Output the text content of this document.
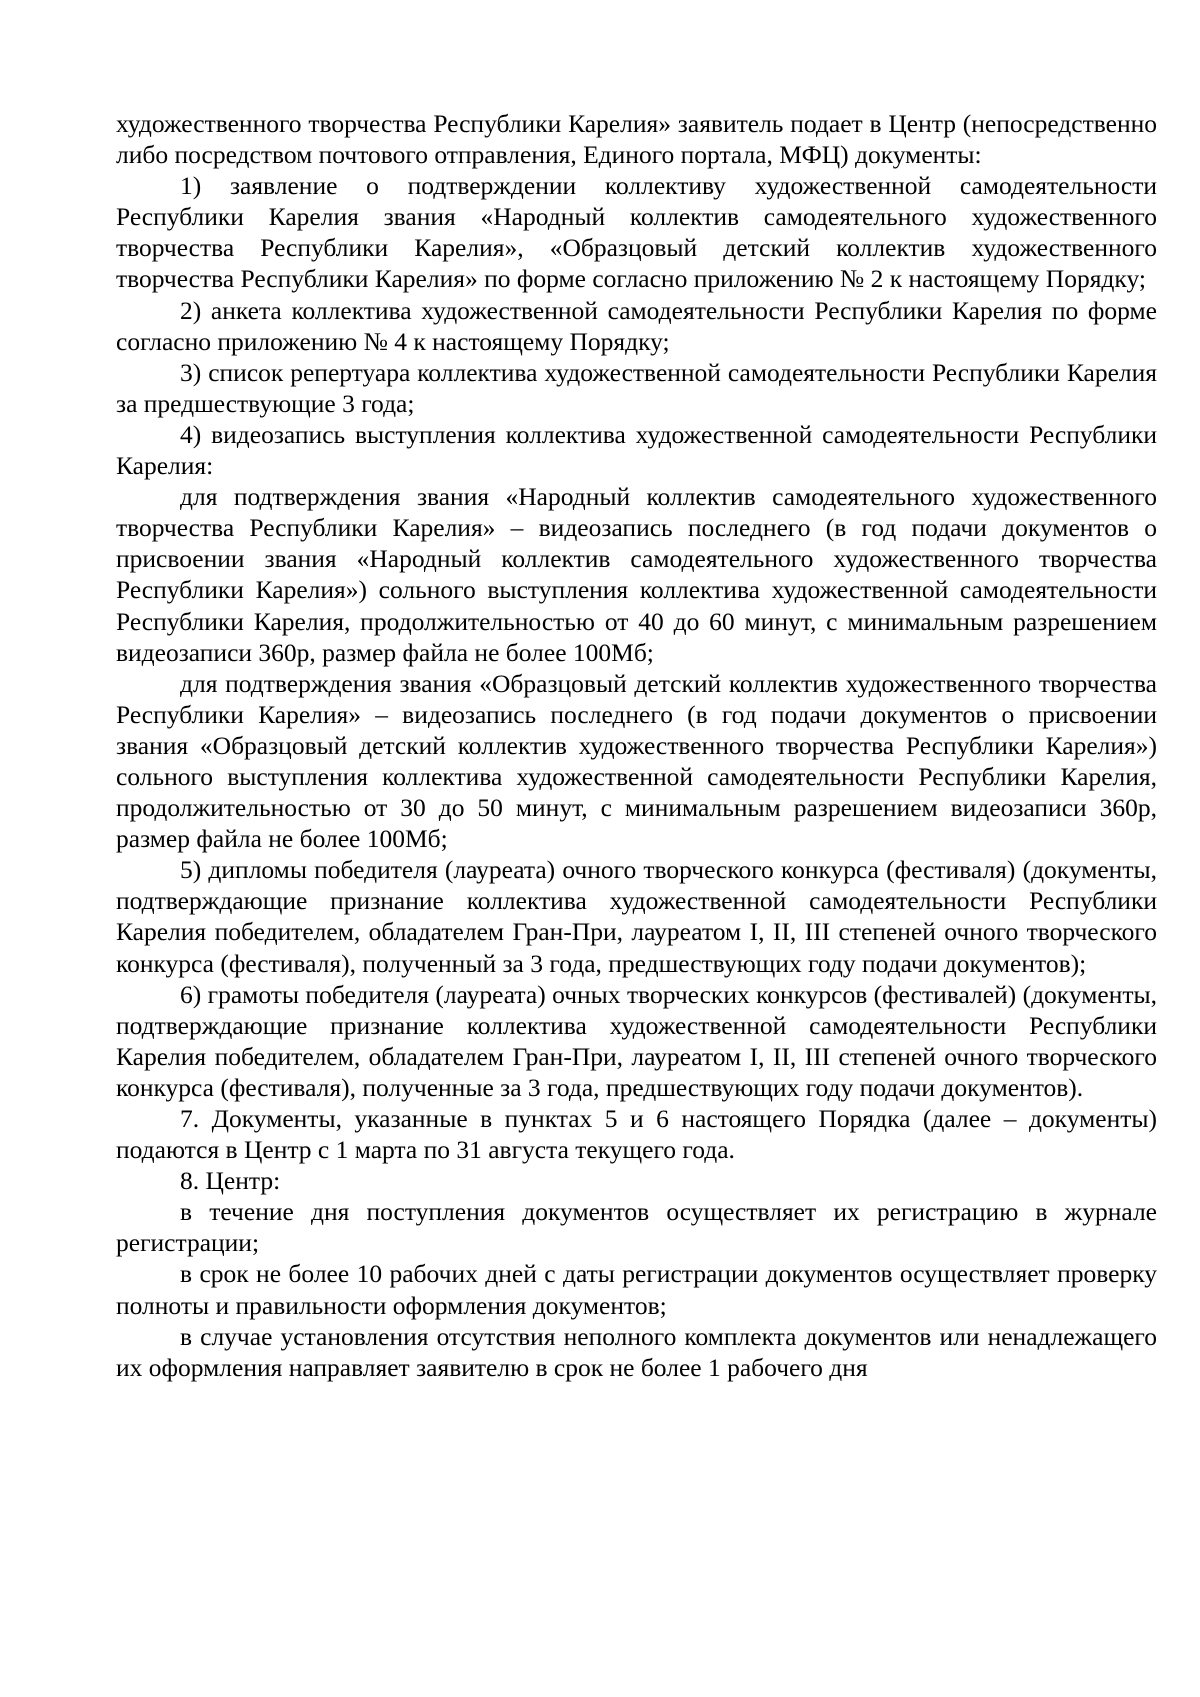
художественного творчества Республики Карелия» заявитель подает в Центр (непосредственно либо посредством почтового отправления, Единого портала, МФЦ) документы:

1) заявление о подтверждении коллективу художественной самодеятельности Республики Карелия звания «Народный коллектив самодеятельного художественного творчества Республики Карелия», «Образцовый детский коллектив художественного творчества Республики Карелия» по форме согласно приложению № 2 к настоящему Порядку;

2) анкета коллектива художественной самодеятельности Республики Карелия по форме согласно приложению № 4 к настоящему Порядку;

3) список репертуара коллектива художественной самодеятельности Республики Карелия за предшествующие 3 года;

4) видеозапись выступления коллектива художественной самодеятельности Республики Карелия:

для подтверждения звания «Народный коллектив самодеятельного художественного творчества Республики Карелия» – видеозапись последнего (в год подачи документов о присвоении звания «Народный коллектив самодеятельного художественного творчества Республики Карелия») сольного выступления коллектива художественной самодеятельности Республики Карелия, продолжительностью от 40 до 60 минут, с минимальным разрешением видеозаписи 360p, размер файла не более 100Мб;

для подтверждения звания «Образцовый детский коллектив художественного творчества Республики Карелия» – видеозапись последнего (в год подачи документов о присвоении звания «Образцовый детский коллектив художественного творчества Республики Карелия») сольного выступления коллектива художественной самодеятельности Республики Карелия, продолжительностью от 30 до 50 минут, с минимальным разрешением видеозаписи 360p, размер файла не более 100Мб;

5) дипломы победителя (лауреата) очного творческого конкурса (фестиваля) (документы, подтверждающие признание коллектива художественной самодеятельности Республики Карелия победителем, обладателем Гран-При, лауреатом I, II, III степеней очного творческого конкурса (фестиваля), полученный за 3 года, предшествующих году подачи документов);

6) грамоты победителя (лауреата) очных творческих конкурсов (фестивалей) (документы, подтверждающие признание коллектива художественной самодеятельности Республики Карелия победителем, обладателем Гран-При, лауреатом I, II, III степеней очного творческого конкурса (фестиваля), полученные за 3 года, предшествующих году подачи документов).

7. Документы, указанные в пунктах 5 и 6 настоящего Порядка (далее – документы) подаются в Центр с 1 марта по 31 августа текущего года.

8. Центр:

в течение дня поступления документов осуществляет их регистрацию в журнале регистрации;

в срок не более 10 рабочих дней с даты регистрации документов осуществляет проверку полноты и правильности оформления документов;

в случае установления отсутствия неполного комплекта документов или ненадлежащего их оформления направляет заявителю в срок не более 1 рабочего дня
